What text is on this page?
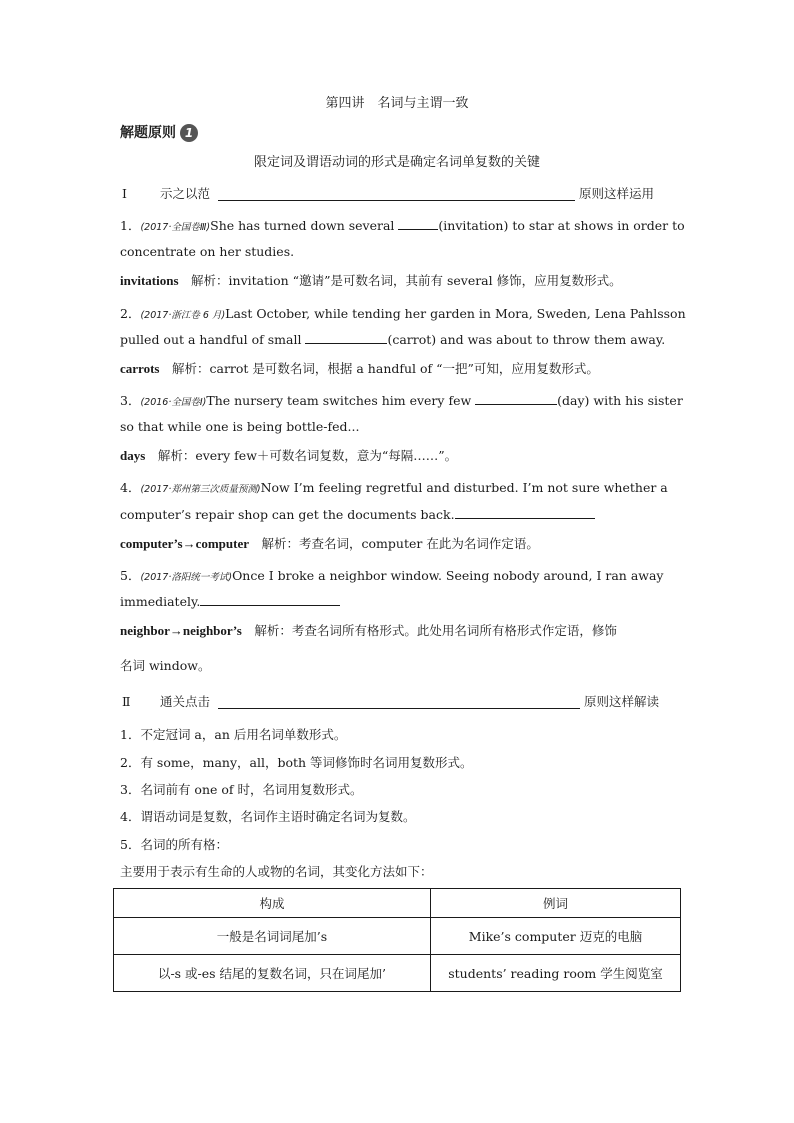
第四讲　名词与主谓一致
解题原则 1
限定词及谓语动词的形式是确定名词单复数的关键
Ⅰ	示之以范	原则这样运用
1．(2017·全国卷Ⅲ)She has turned down several	(invitation) to star at shows in order to
concentrate on her studies.
invitations　 解析：invitation “邀请”是可数名词，其前有 several 修饰，应用复数形式。
2．(2017·浙江卷 6 月)Last October, while tending her garden in Mora, Sweden, Lena Pahlsson
pulled out a handful of small	(carrot) and was about to throw them away.
carrots　 解析：carrot 是可数名词，根据 a handful of “一把”可知，应用复数形式。
3．(2016·全国卷Ⅰ)The nursery team switches him every few	(day) with his sister
so that while one is being bottle-fed...
days　 解析：every few＋可数名词复数，意为“每隔……”。
4．(2017·郑州第三次质量预测)Now I’m feeling regretful and disturbed. I’m not sure whether a
computer’s repair shop can get the documents back.
computer’s→computer　 解析：考查名词，computer 在此为名词作定语。
5．(2017·洛阳统一考试)Once I broke a neighbor window. Seeing nobody around, I ran away
immediately.
neighbor→neighbor’s　 解析：考查名词所有格形式。此处用名词所有格形式作定语，修饰
名词 window。
Ⅱ	通关点击	原则这样解读
1．不定冠词 a，an 后用名词单数形式。
2．有 some，many，all，both 等词修饰时名词用复数形式。
3．名词前有 one of 时，名词用复数形式。
4．谓语动词是复数，名词作主语时确定名词为复数。
5．名词的所有格：
主要用于表示有生命的人或物的名词，其变化方法如下：
构成	例词
一般是名词词尾加’s	Mike’s computer 迈克的电脑
以-s 或-es 结尾的复数名词，只在词尾加’	students’ reading room 学生阅览室
